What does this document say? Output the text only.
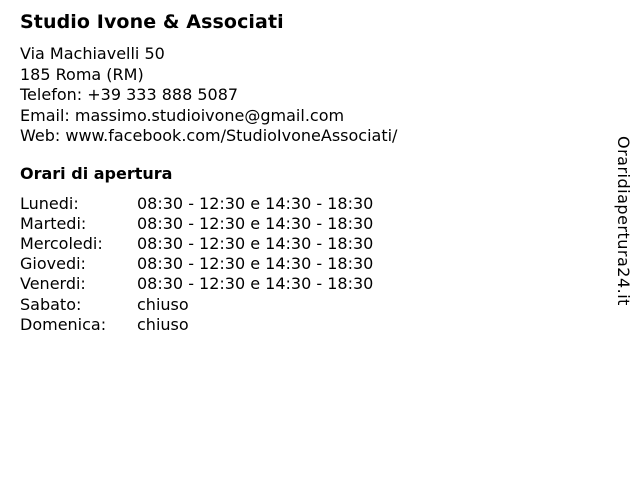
Studio Ivone & Associati
Via Machiavelli 50
185 Roma (RM)
Telefon: +39 333 888 5087
Email: massimo.studioivone@gmail.com
Web: www.facebook.com/StudioIvoneAssociati/
Orari di apertura
Lunedi:	08:30 - 12:30 e 14:30 - 18:30
Martedi:	08:30 - 12:30 e 14:30 - 18:30
Mercoledi:	08:30 - 12:30 e 14:30 - 18:30
Giovedi:	08:30 - 12:30 e 14:30 - 18:30
Venerdi:	08:30 - 12:30 e 14:30 - 18:30
Sabato:	chiuso
Domenica:	chiuso
Oraridiapertura24.it
